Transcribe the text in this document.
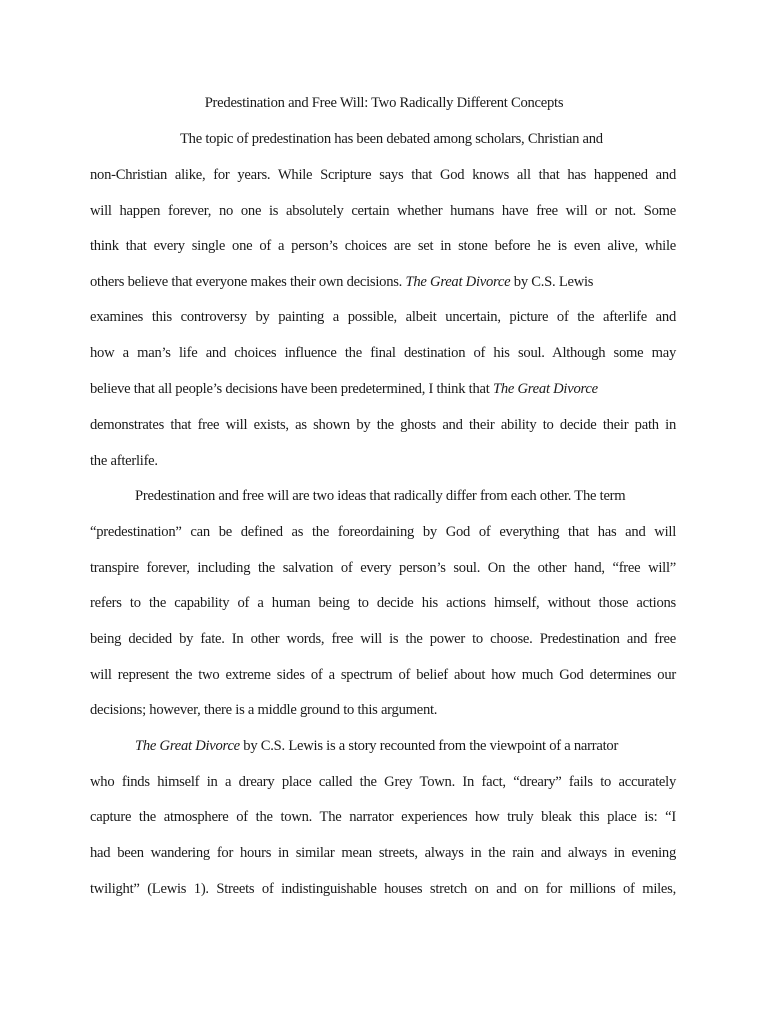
Predestination and Free Will: Two Radically Different Concepts
The topic of predestination has been debated among scholars, Christian and
non-Christian alike, for years. While Scripture says that God knows all that has happened and
will happen forever, no one is absolutely certain whether humans have free will or not. Some
think that every single one of a person’s choices are set in stone before he is even alive, while
others believe that everyone makes their own decisions. The Great Divorce by C.S. Lewis
examines this controversy by painting a possible, albeit uncertain, picture of the afterlife and
how a man’s life and choices influence the final destination of his soul. Although some may
believe that all people’s decisions have been predetermined, I think that The Great Divorce
demonstrates that free will exists, as shown by the ghosts and their ability to decide their path in
the afterlife.
Predestination and free will are two ideas that radically differ from each other. The term
“predestination” can be defined as the foreordaining by God of everything that has and will
transpire forever, including the salvation of every person’s soul. On the other hand, “free will”
refers to the capability of a human being to decide his actions himself, without those actions
being decided by fate. In other words, free will is the power to choose. Predestination and free
will represent the two extreme sides of a spectrum of belief about how much God determines our
decisions; however, there is a middle ground to this argument.
The Great Divorce by C.S. Lewis is a story recounted from the viewpoint of a narrator
who finds himself in a dreary place called the Grey Town. In fact, “dreary” fails to accurately
capture the atmosphere of the town. The narrator experiences how truly bleak this place is: “I
had been wandering for hours in similar mean streets, always in the rain and always in evening
twilight” (Lewis 1). Streets of indistinguishable houses stretch on and on for millions of miles,
